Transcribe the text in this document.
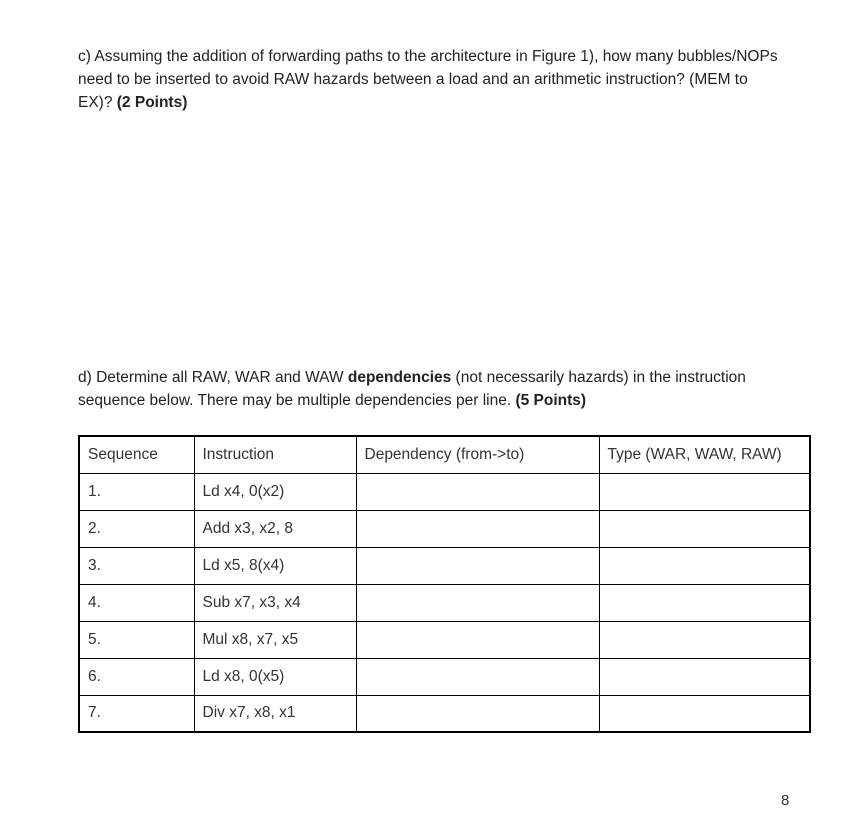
c) Assuming the addition of forwarding paths to the architecture in Figure 1), how many bubbles/NOPs need to be inserted to avoid RAW hazards between a load and an arithmetic instruction? (MEM to EX)? (2 Points)

d) Determine all RAW, WAR and WAW dependencies (not necessarily hazards) in the instruction sequence below. There may be multiple dependencies per line. (5 Points)

Sequence	Instruction	Dependency (from->to)	Type (WAR, WAW, RAW)
1.	Ld x4, 0(x2)		
2.	Add x3, x2, 8		
3.	Ld x5, 8(x4)		
4.	Sub x7, x3, x4		
5.	Mul x8, x7, x5		
6.	Ld x8, 0(x5)		
7.	Div x7, x8, x1		
8
